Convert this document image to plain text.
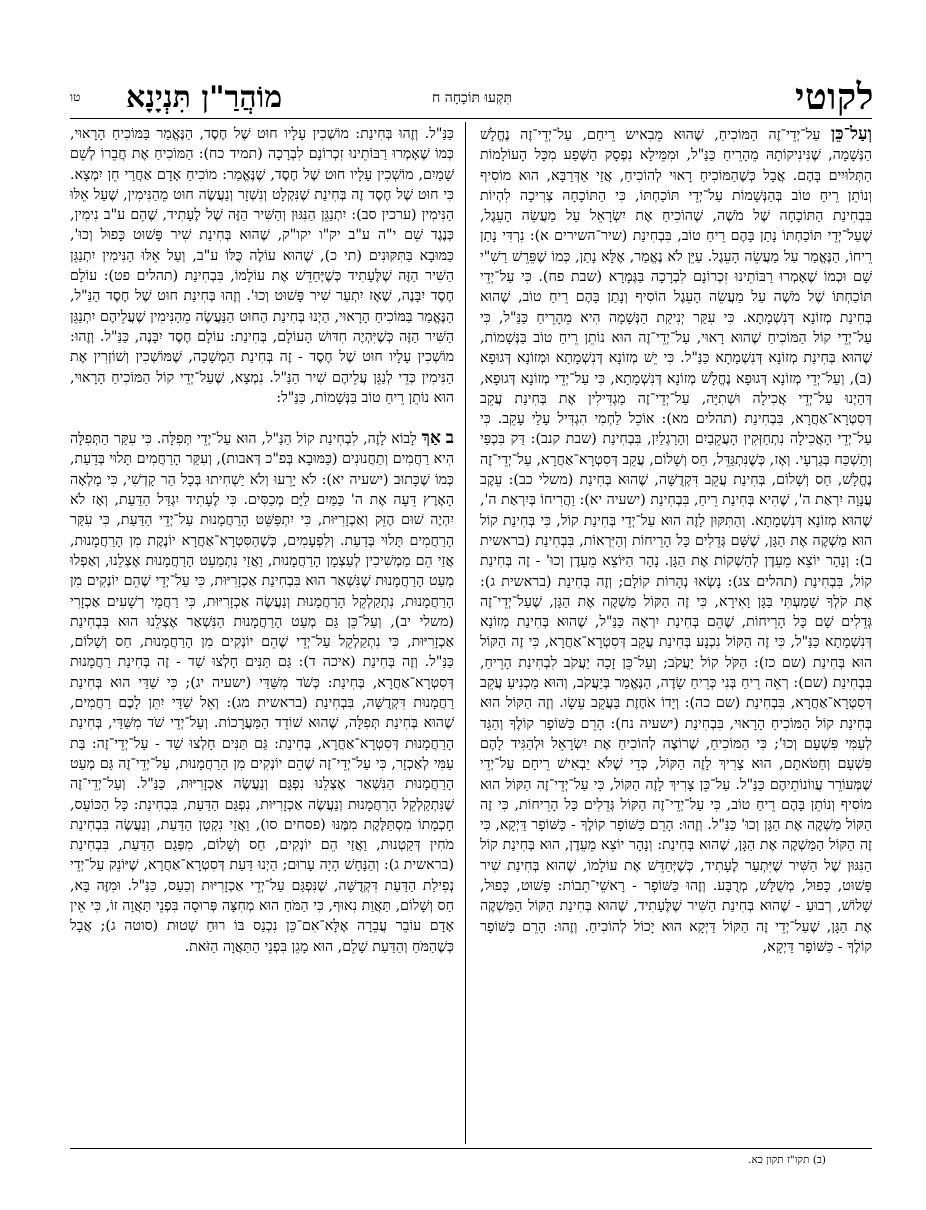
לקוטי
תִּקְעוּ תּוֹכָחָה ח
מוֹהֲרַ"ן תִּנְיָנָא
טו

וְעַל־כֵּן עַל־יְדֵי־זֶה הַמּוֹכִיחַ, שֶׁהוּא מֵבִאיש רֵיחַם, עַל־יְדֵי־זֶה נֶחֱלָשׁ הַנְּשָׁמָה, שֶׁנִּינִיקוֹתָהּ מֵהָרֵיחַ כַּנַּ"ל, וּמִמֵּילָא נִפְסָק הַשֶּׁפַע מִכָּל הָעוֹלָמוֹת הַתְּלוּיִים בָּהֶם. אֲבָל כְּשֶׁהַמּוֹכִיחַ רָאוּי לְהוֹכִיחַ, אֲזַי אַדְּרַבָּא, הוּא מוֹסִיף וְנוֹתֵן רֵיחַ טוֹב בְּהַנְּשָׁמוֹת עַל־יְדֵי תּוֹכַחְתּוֹ, כִּי הַתּוֹכָחָה צְרִיכָה לִהְיוֹת בִּבְחִינַת הַתּוֹכָחָה שֶׁל מֹשֶׁה, שֶׁהוֹכִיחַ אֶת יִשְׂרָאֵל עַל מַעֲשֵׂה הָעֵגֶל, שֶׁעַל־יְדֵי תּוֹכַחְתּוֹ נָתַן בָּהֶם רֵיחַ טוֹב, בִּבְחִינַת (שיר־השירים א): נִרְדִּי נָתַן רֵיחוֹ, הַנֶּאֱמַר עַל מַעֲשֵׂה הָעֵגֶל. עַיֵּן לֹא נֶאֱמַר, אֶלָּא נָתַן, כְּמוֹ שֶׁפֵּרֵשׁ רַשִׁ"י שָׁם וּכְמוֹ שֶׁאָמְרוּ רַבּוֹתֵינוּ זִכְרוֹנָם לִבְרָכָה בַּגְּמָרָא (שבת פח). כִּי עַל־יְדֵי תּוֹכַחְתּוֹ שֶׁל מֹשֶׁה עַל מַעֲשֵׂה הָעֵגֶל הוֹסִיף וְנָתַן בָּהֶם רֵיחַ טוֹב, שֶׁהוּא בְּחִינַת מְזוֹנָא דְּנִשְׁמָתָא. כִּי עִקַּר יְנִיקַת הַנְּשָׁמָה הִיא מֵהָרֵיחַ כַּנַּ"ל, כִּי עַל־יְדֵי קוֹל הַמּוֹכִיחַ שֶׁהוּא רָאוּי, עַל־יְדֵי־זֶה הוּא נוֹתֵן רֵיחַ טוֹב בַּנְּשָׁמוֹת, שֶׁהוּא בְּחִינַת מְזוֹנָא דְּנִשְׁמָתָא כַּנַּ"ל. כִּי יֵשׁ מְזוֹנָא דְּנִשְׁמָתָא וּמְזוֹנָא דְּגוּפָא (ב), וְעַל־יְדֵי מְזוֹנָא דְּגוּפָא נֶחֱלָשׁ מְזוֹנָא דְּנִשְׁמָתָא, כִּי עַל־יְדֵי מְזוֹנָא דְּגוּפָא, דְּהַיְנוּ עַל־יְדֵי אֲכִילָה וּשְׁתִיָּה, עַל־יְדֵי־זֶה מַגְדִּילִין אֶת בְּחִינַת עֲקֵב דְּסִטְרָא־אַחֲרָא, בִּבְחִינַת (תהלים מא): אוֹכֵל לַחְמִי הִגְדִּיל עָלַי עָקֵב. כִּי עַל־יְדֵי הָאֲכִילָה נִתְחַזְּקִין הָעֲקֵבַיִם וְהָרַגְלַיִן, בִּבְחִינַת (שבת קנב): דַּק בִּכְפַּי וְתַשְׁכַּח בְּגַרְעָי. וְאָז, כְּשֶׁנִּתְגַּדֵּל, חַס וְשָׁלוֹם, עֲקֵב דְּסִטְרָא־אַחֲרָא, עַל־יְדֵי־זֶה נֶחֱלָשׁ, חַס וְשָׁלוֹם, בְּחִינַת עֲקֵב דִּקְדֻשָּׁה, שֶׁהוּא בְּחִינַת (משלי כב): עֵקֶב עֲנָוָה יִרְאַת ה', שֶׁהִיא בְּחִינַת רֵיחַ, בִּבְחִינַת (ישעיה יא): וַהֲרִיחוֹ בְּיִרְאַת ה', שֶׁהוּא מְזוֹנָא דְּנִשְׁמָתָא. וְהַתִּקּוּן לָזֶה הוּא עַל־יְדֵי בְּחִינַת קוֹל, כִּי בְּחִינַת קוֹל הוּא מַשְׁקֶה אֶת הַגָּן, שֶׁשָּׁם גְּדֵלִים כָּל הָרֵיחוֹת וְהַיִּרְאוֹת, בִּבְחִינַת (בראשית ב): וְנָהָר יוֹצֵא מֵעֵדֶן לְהַשְׁקוֹת אֶת הַגָּן. נָהָר הַיּוֹצֵא מֵעֵדֶן וְכוּ' - זֶה בְּחִינַת קוֹל, בִּבְחִינַת (תהלים צג): נָשְׂאוּ נְהָרוֹת קוֹלָם; וְזֶה בְּחִינַת (בראשית ג): אֶת קֹלְךָ שָׁמַעְתִּי בַּגָּן וָאִירָא, כִּי זֶה הַקּוֹל מַשְׁקֶה אֶת הַגָּן, שֶׁעַל־יְדֵי־זֶה גְּדֵלִים שָׁם כָּל הָרֵיחוֹת, שֶׁהֵם בְּחִינַת יִרְאָה כַּנַּ"ל, שֶׁהוּא בְּחִינַת מְזוֹנָא דְּנִשְׁמָתָא כַּנַּ"ל, כִּי זֶה הַקּוֹל נִכְנָע בְּחִינַת עֲקֵב דְּסִטְרָא־אַחֲרָא, כִּי זֶה הַקּוֹל הוּא בְּחִינַת (שם כז): הַקֹּל קוֹל יַעֲקֹב; וְעַל־כֵּן זָכָה יַעֲקֹב לִבְחִינַת הָרֵיחַ, בִּבְחִינַת (שם): רְאֵה רֵיחַ בְּנִי כְּרֵיחַ שָׂדֶה, הַנֶּאֱמַר בְּיַעֲקֹב, וְהוּא מַכְנִיעַ עֲקֵב דְּסִטְרָא־אַחֲרָא, בִּבְחִינַת (שם כה): וְיָדוֹ אֹחֶזֶת בַּעֲקֵב עֵשָׂו. וְזֶה הַקּוֹל הוּא בְּחִינַת קוֹל הַמּוֹכִיחַ הָרָאוּי, בִּבְחִינַת (ישעיה נח): הָרֵם כַּשּׁוֹפָר קוֹלֶךָ וְהַגֵּד לְעַמִּי פִּשְׁעָם וְכוּ'; כִּי הַמּוֹכִיחַ, שֶׁרוֹצֶה לְהוֹכִיחַ אֶת יִשְׂרָאֵל וּלְהַגִּיד לָהֶם פִּשְׁעָם וְחַטֹּאתָם, הוּא צָרִיךְ לָזֶה הַקּוֹל, כְּדֵי שֶׁלֹּא יַבְאִישׁ רֵיחָם עַל־יְדֵי שֶׁמְּעוֹרֵר עֲווֹנוֹתֵיהֶם כַּנַּ"ל. עַל־כֵּן צָרִיךְ לָזֶה הַקּוֹל, כִּי עַל־יְדֵי־זֶה הַקּוֹל הוּא מוֹסִיף וְנוֹתֵן בָּהֶם רֵיחַ טוֹב, כִּי עַל־יְדֵי־זֶה הַקּוֹל גְּדֵלִים כָּל הָרֵיחוֹת, כִּי זֶה הַקּוֹל מַשְׁקֶה אֶת הַגָּן וְכוּ' כַּנַּ"ל. וְזֶהוּ: הָרֵם כַּשּׁוֹפָר קוֹלֶךָ - כַּשּׁוֹפָר דַּיְקָא, כִּי זֶה הַקּוֹל הַמַּשְׁקֶה אֶת הַגָּן, שֶׁהוּא בְּחִינַת: וְנָהָר יוֹצֵא מֵעֵדֶן, הוּא בְּחִינַת קוֹל הַנִּגּוּן שֶׁל הַשִּׁיר שֶׁיִּתְעַר לֶעָתִיד, כְּשֶׁיְּחַדֵּשׁ אֶת עוֹלָמוֹ, שֶׁהוּא בְּחִינַת שִׁיר פָּשׁוּט, כָּפוּל, מְשֻׁלָּשׁ, מְרֻבָּע. וְזֶהוּ כַּשּׁוֹפָר - רָאשֵׁי־תֵבוֹת: פָּשׁוּט, כָּפוּל, שָׁלוֹשׁ, רְבוּעַ - שֶׁהוּא בְּחִינַת הַשִּׁיר שֶׁלֶּעָתִיד, שֶׁהוּא בְּחִינַת הַקּוֹל הַמַּשְׁקֶה אֶת הַגָּן, שֶׁעַל־יְדֵי זֶה הַקּוֹל דַּיְקָא הוּא יָכוֹל לְהוֹכִיחַ. וְזֶהוּ: הָרֵם כַּשּׁוֹפָר קוֹלֶךָ - כַּשּׁוֹפָר דַּיְקָא,

כַּנַּ"ל. וְזֶהוּ בְּחִינַת: מוֹשְׁכִין עָלָיו חוּט שֶׁל חֶסֶד, הַנֶּאֱמַר בַּמּוֹכִיחַ הָרָאוּי, כְּמוֹ שֶׁאָמְרוּ רַבּוֹתֵינוּ זִכְרוֹנָם לִבְרָכָה (תמיד כח): הַמּוֹכִיחַ אֶת חֲבֵרוֹ לְשֵׁם שָׁמַיִם, מוֹשְׁכִין עָלָיו חוּט שֶׁל חֶסֶד, שֶׁנֶּאֱמַר: מוֹכִיחַ אָדָם אַחֲרַי חֵן יִמְצָא. כִּי חוּט שֶׁל חֶסֶד זֶה בְּחִינַת שֶׁנִּקְלָט וְנִשְׁזָר וְנַעֲשֶׂה חוּט מֵהַנִּימִין, שֶׁעַל אֵלּוּ הַנִּימִין (ערכין סב): יִתְנַגֵּן הַנִּגּוּן וְהַשִּׁיר הַזֶּה שֶׁל לֶעָתִיד, שֶׁהֵם ע"ב נִימִין, כְּנֶגֶד שֵׁם י"ה ע"ב יק"ו יקו"ק, שֶׁהוּא בְּחִינַת שִׁיר פָּשׁוּט כָּפוּל וְכוּ', כַּמּוּבָא בַּתִּקּוּנִים (תי כ), שֶׁהוּא עוֹלֶה כֻּלּוֹ ע"ב, וְעַל אֵלּוּ הַנִּימִין יִתְנַגֵּן הַשִּׁיר הַזֶּה שֶׁלֶּעָתִיד כְּשֶׁיְּחַדֵּשׁ אֶת עוֹלָמוֹ, בִּבְחִינַת (תהלים פט): עוֹלָם חֶסֶד יִבָּנֶה, שֶׁאָז יִתְעַר שִׁיר פָּשׁוּט וְכוּ'. וְזֶהוּ בְּחִינַת חוּט שֶׁל חֶסֶד הַנַּ"ל, הַנֶּאֱמַר בַּמּוֹכִיחַ הָרָאוּי, הַיְנוּ בְּחִינַת הַחוּט הַנַּעֲשֶׂה מֵהַנִּימִין שֶׁעֲלֵיהֶם יִתְנַגֵּן הַשִּׁיר הַזֶּה כְּשֶׁיִּהְיֶה חִדּוּשׁ הָעוֹלָם, בְּחִינַת: עוֹלָם חֶסֶד יִבָּנֶה, כַּנַּ"ל. וְזֶהוּ: מוֹשְׁכִין עָלָיו חוּט שֶׁל חֶסֶד - זֶה בְּחִינַת הַמְשָׁכָה, שֶׁמּוֹשְׁכִין וְשׁוֹזְרִין אֶת הַנִּימִין כְּדֵי לְנַגֵּן עֲלֵיהֶם שִׁיר הַנַּ"ל. נִמְצָא, שֶׁעַל־יְדֵי קוֹל הַמּוֹכִיחַ הָרָאוּי, הוּא נוֹתֵן רֵיחַ טוֹב בַּנְּשָׁמוֹת, כַּנַּ"ל:

ב אַךְ לָבוֹא לָזֶה, לִבְחִינַת קוֹל הַנַּ"ל, הוּא עַל־יְדֵי תְּפִלָּה. כִּי עִקַּר הַתְּפִלָּה הִיא רַחֲמִים וְתַחֲנוּנִים (כַּמּוּבָא בְּפ"כ דְּאבות), וְעִקַּר הָרַחֲמִים תָּלוּי בְּדַעַת, כְּמוֹ שֶׁכָּתוּב (ישעיה יא): לֹא יָרֵעוּ וְלֹא יַשְׁחִיתוּ בְּכָל הַר קָדְשִׁי, כִּי מָלְאָה הָאָרֶץ דֵּעָה אֶת ה' כַּמַּיִם לַיָּם מְכַסִּים. כִּי לֶעָתִיד יִגְדַּל הַדַּעַת, וְאָז לֹא יִהְיֶה שׁוּם הֶזֵּק וְאַכְזָרִיּוּת, כִּי יִתְפַּשֵּׁט הָרַחֲמָנוּת עַל־יְדֵי הַדַּעַת, כִּי עִקַּר הָרַחֲמִים תָּלוּי בְּדַעַת. וְלִפְעָמִים, כְּשֶׁהַסִּטְרָא־אַחֲרָא יוֹנֶקֶת מִן הָרַחֲמָנוּת, אֲזַי הֵם מַמְשִׁיכִין לְעַצְמָן הָרַחֲמָנוּת, וַאֲזַי נִתְמַעֵט הָרַחֲמָנוּת אֶצְלֵנוּ, וְאַפְלוּ מְעַט הָרַחֲמָנוּת שֶׁנִּשְׁאַר הוּא בִּבְחִינַת אַכְזָרִיּוּת, כִּי עַל־יְדֵי שֶׁהֵם יוֹנְקִים מִן הָרַחֲמָנוּת, נִתְקַלְקֵל הָרַחֲמָנוּת וְנַעֲשֶׂה אַכְזָרִיּוּת, כִּי רַחֲמֵי רְשָׁעִים אַכְזָרִי (משלי יב), וְעַל־כֵּן גַּם מְעַט הָרַחֲמָנוּת הַנִּשְׁאַר אֶצְלֵנוּ הוּא בִּבְחִינַת אַכְזָרִיּוּת, כִּי נִתְקַלְקֵל עַל־יְדֵי שֶׁהֵם יוֹנְקִים מִן הָרַחֲמָנוּת, חַס וְשָׁלוֹם, כַּנַּ"ל. וְזֶה בְּחִינַת (איכה ד): גַּם תַּנִּים חָלְצוּ שַׁד - זֶה בְּחִינַת רַחֲמָנוּת דְּסִטְרָא־אַחֲרָא, בְּחִינַת: כְּשֹׁד מִשַּׁדַּי (ישעיה יג); כִּי שַׁדַּי הוּא בְּחִינַת רַחֲמָנוּת דִּקְדֻשָּׁה, בִּבְחִינַת (בראשית מג): וְאֵל שַׁדַּי יִתֵּן לָכֶם רַחֲמִים, שֶׁהוּא בְּחִינַת תְּפִלָּה, שֶׁהוּא שׁוֹדֵד הַמַּעֲרָכוֹת. וְעַל־יְדֵי שֹׁד מִשַּׁדַּי, בְּחִינַת הָרַחֲמָנוּת דְּסִטְרָא־אַחֲרָא, בְּחִינַת: גַּם תַּנִּים חָלְצוּ שַׁד - עַל־יְדֵי־זֶה: בַּת עַמִּי לְאַכְזָר, כִּי עַל־יְדֵי־זֶה שֶׁהֵם יוֹנְקִים מִן הָרַחֲמָנוּת, עַל־יְדֵי־זֶה גַּם מְעַט הָרַחֲמָנוּת הַנִּשְׁאַר אֶצְלֵנוּ נִפְגָּם וְנַעֲשֶׂה אַכְזָרִיּוּת, כַּנַּ"ל. וְעַל־יְדֵי־זֶה שֶׁנִּתְקַלְקֵל הָרַחֲמָנוּת וְנַעֲשֶׂה אַכְזָרִיּוּת, נִפְגַּם הַדַּעַת, בִּבְחִינַת: כָּל הַכּוֹעֵס, חָכְמָתוֹ מִסְתַּלֶּקֶת מִמֶּנּוּ (פסחים סו), וַאֲזַי נִקְטָן הַדַּעַת, וְנַעֲשֶׂה בִּבְחִינַת מֹחִין דְּקַטְנוּת, וַאֲזַי הֵם יוֹנְקִים, חַס וְשָׁלוֹם, מִפְּגַם הַדַּעַת, בִּבְחִינַת (בראשית ג): וְהַנָּחָשׁ הָיָה עָרוּם; הַיְנוּ דַּעַת דְּסִטְרָא־אַחֲרָא, שֶׁיּוֹנֵק עַל־יְדֵי נְפִילַת הַדַּעַת דִּקְדֻשָּׁה, שֶׁנִּפְגַּם עַל־יְדֵי אַכְזָרִיּוּת וְכַעַס, כַּנַּ"ל. וּמִזֶּה בָּא, חַס וְשָׁלוֹם, תַּאֲוַת נִאוּף, כִּי הַמֹּחַ הוּא מְחִצָּה פְּרוּסָה בִּפְנֵי תַּאֲוָה זוֹ, כִּי אֵין אָדָם עוֹבֵר עֲבֵרָה אֶלָּא־אִם־כֵּן נִכְנַס בּוֹ רוּחַ שְׁטוּת (סוטה ג); אֲבָל כְּשֶׁהַמֹּחַ וְהַדַּעַת שָׁלֵם, הוּא מָגֵן בִּפְנֵי הַתַּאֲוָה הַזֹּאת.

(ב) תקו"ז תקון כא.
